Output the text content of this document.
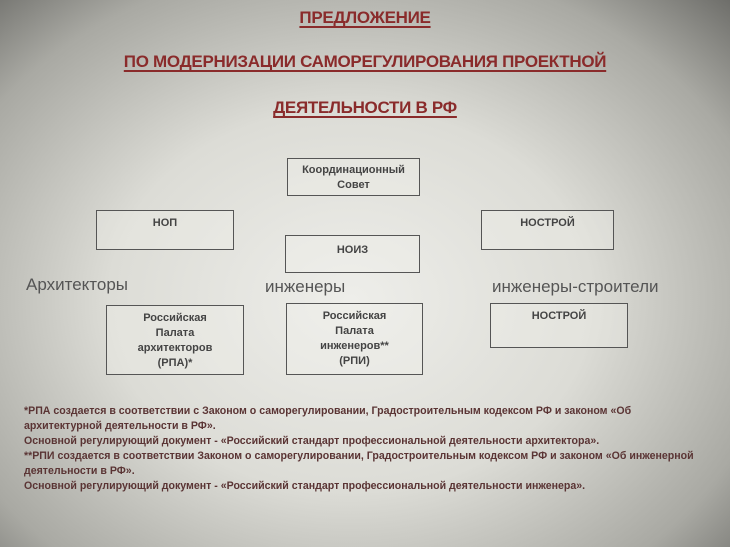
ПРЕДЛОЖЕНИЕ
ПО МОДЕРНИЗАЦИИ САМОРЕГУЛИРОВАНИЯ ПРОЕКТНОЙ
ДЕЯТЕЛЬНОСТИ В РФ
Координационный Совет
НОП
НОИЗ
НОСТРОЙ
Архитекторы	инженеры	инженеры-строители
Российская Палата архитекторов (РПА)*
Российская Палата инженеров** (РПИ)
НОСТРОЙ

*РПА создается в соответствии с Законом о саморегулировании, Градостроительным кодексом РФ и законом «Об архитектурной деятельности в РФ».

Основной регулирующий документ - «Российский стандарт профессиональной деятельности архитектора».

**РПИ создается в соответствии Законом о саморегулировании, Градостроительным кодексом РФ и законом «Об инженерной деятельности в РФ».

Основной регулирующий документ - «Российский стандарт профессиональной деятельности инженера».
